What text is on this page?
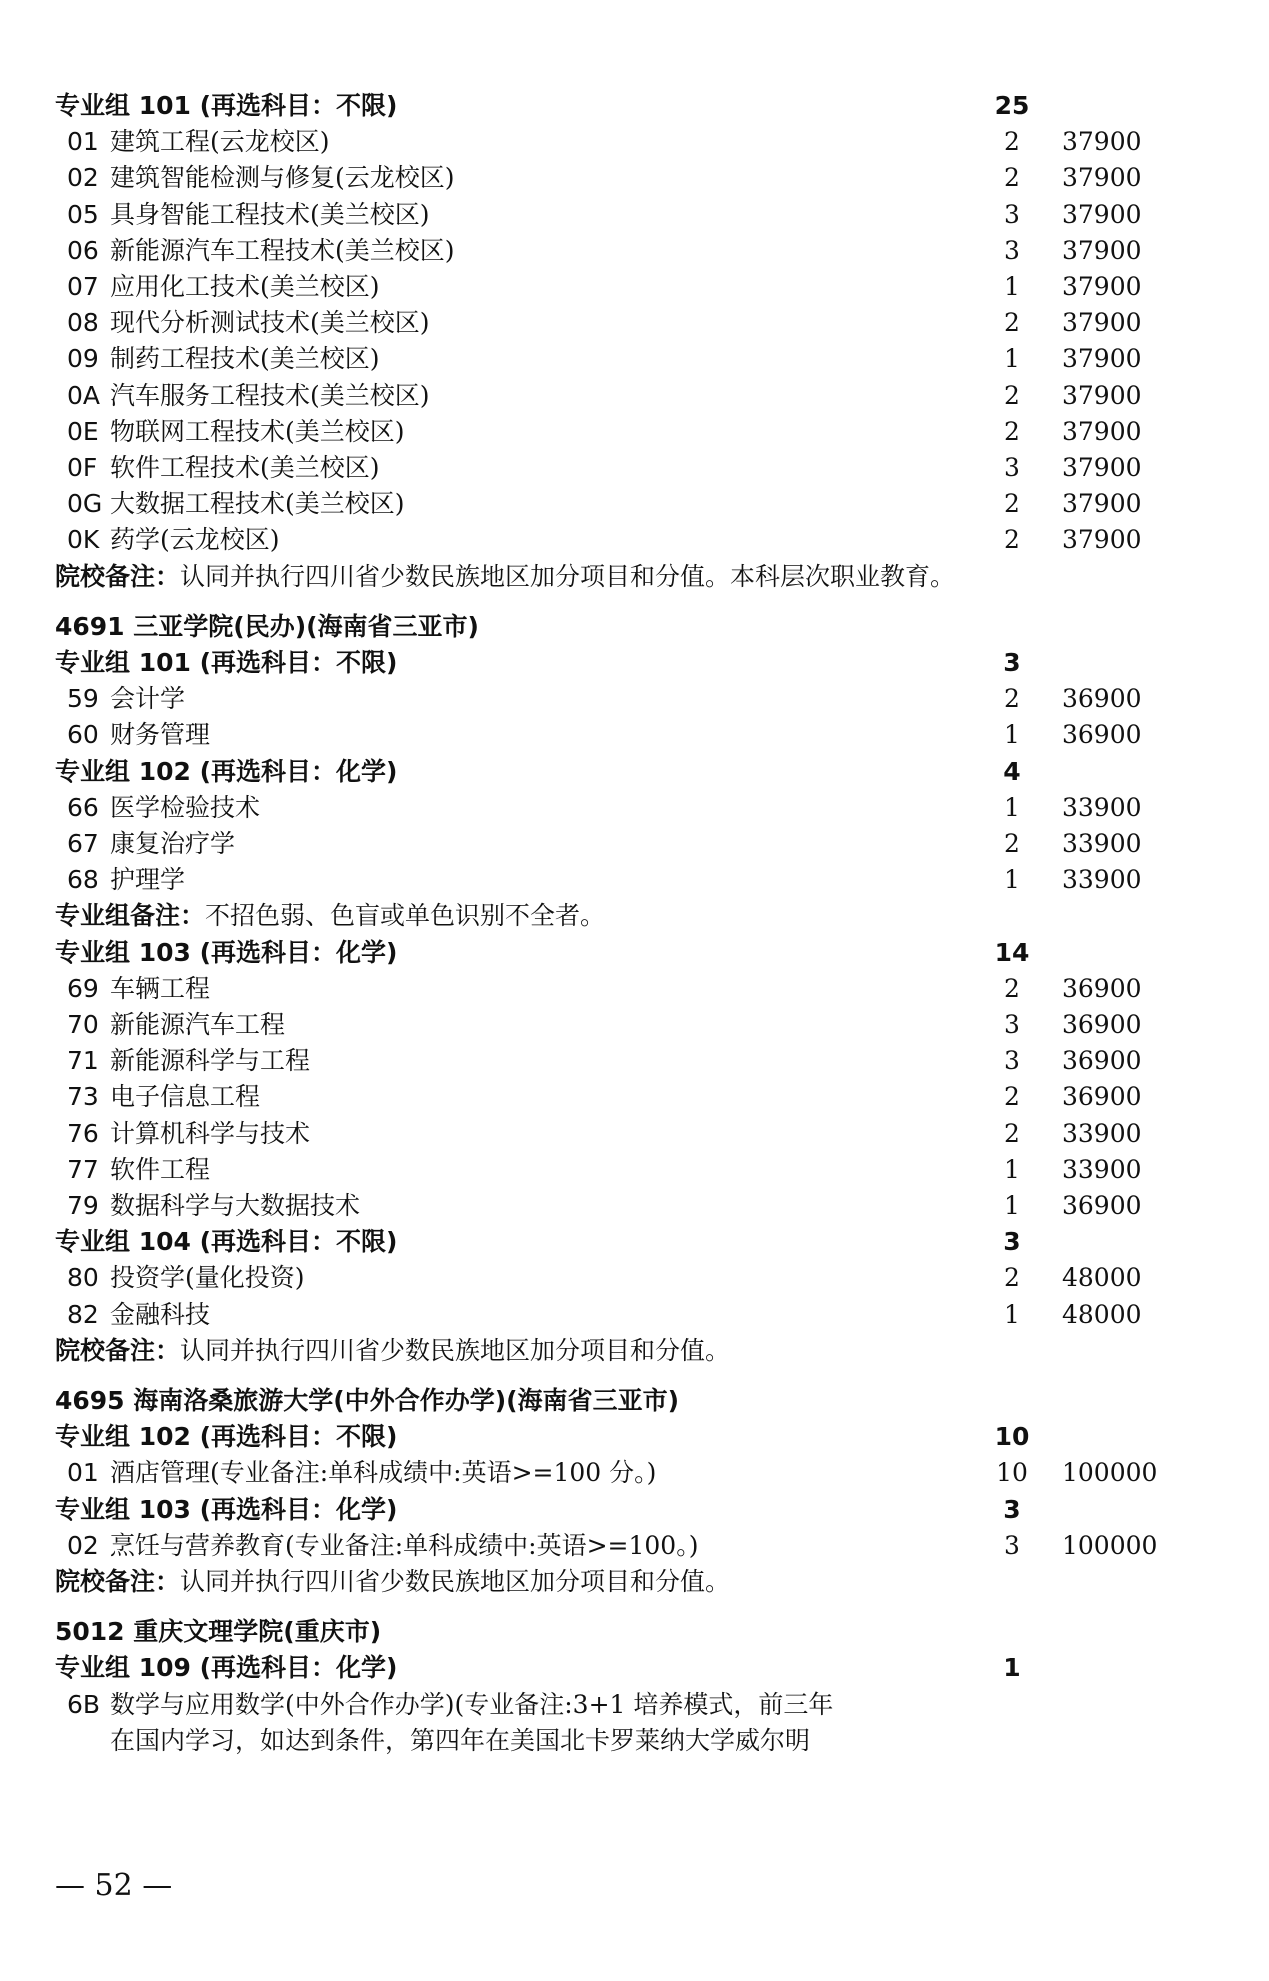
专业组 101 (再选科目：不限)	25
01 建筑工程(云龙校区)	2	37900
02 建筑智能检测与修复(云龙校区)	2	37900
05 具身智能工程技术(美兰校区)	3	37900
06 新能源汽车工程技术(美兰校区)	3	37900
07 应用化工技术(美兰校区)	1	37900
08 现代分析测试技术(美兰校区)	2	37900
09 制药工程技术(美兰校区)	1	37900
0A 汽车服务工程技术(美兰校区)	2	37900
0E 物联网工程技术(美兰校区)	2	37900
0F 软件工程技术(美兰校区)	3	37900
0G 大数据工程技术(美兰校区)	2	37900
0K 药学(云龙校区)	2	37900
院校备注：认同并执行四川省少数民族地区加分项目和分值。本科层次职业教育。
4691 三亚学院(民办)(海南省三亚市)
专业组 101 (再选科目：不限)	3
59 会计学	2	36900
60 财务管理	1	36900
专业组 102 (再选科目：化学)	4
66 医学检验技术	1	33900
67 康复治疗学	2	33900
68 护理学	1	33900
专业组备注：不招色弱、色盲或单色识别不全者。
专业组 103 (再选科目：化学)	14
69 车辆工程	2	36900
70 新能源汽车工程	3	36900
71 新能源科学与工程	3	36900
73 电子信息工程	2	36900
76 计算机科学与技术	2	33900
77 软件工程	1	33900
79 数据科学与大数据技术	1	36900
专业组 104 (再选科目：不限)	3
80 投资学(量化投资)	2	48000
82 金融科技	1	48000
院校备注：认同并执行四川省少数民族地区加分项目和分值。
4695 海南洛桑旅游大学(中外合作办学)(海南省三亚市)
专业组 102 (再选科目：不限)	10
01 酒店管理(专业备注:单科成绩中:英语>=100 分。)	10 100000
专业组 103 (再选科目：化学)	3
02 烹饪与营养教育(专业备注:单科成绩中:英语>=100。)	3	100000
院校备注：认同并执行四川省少数民族地区加分项目和分值。
5012 重庆文理学院(重庆市)
专业组 109 (再选科目：化学)	1
6B 数学与应用数学(中外合作办学)(专业备注:3+1 培养模式，前三年
在国内学习，如达到条件，第四年在美国北卡罗莱纳大学威尔明
— 52 —
